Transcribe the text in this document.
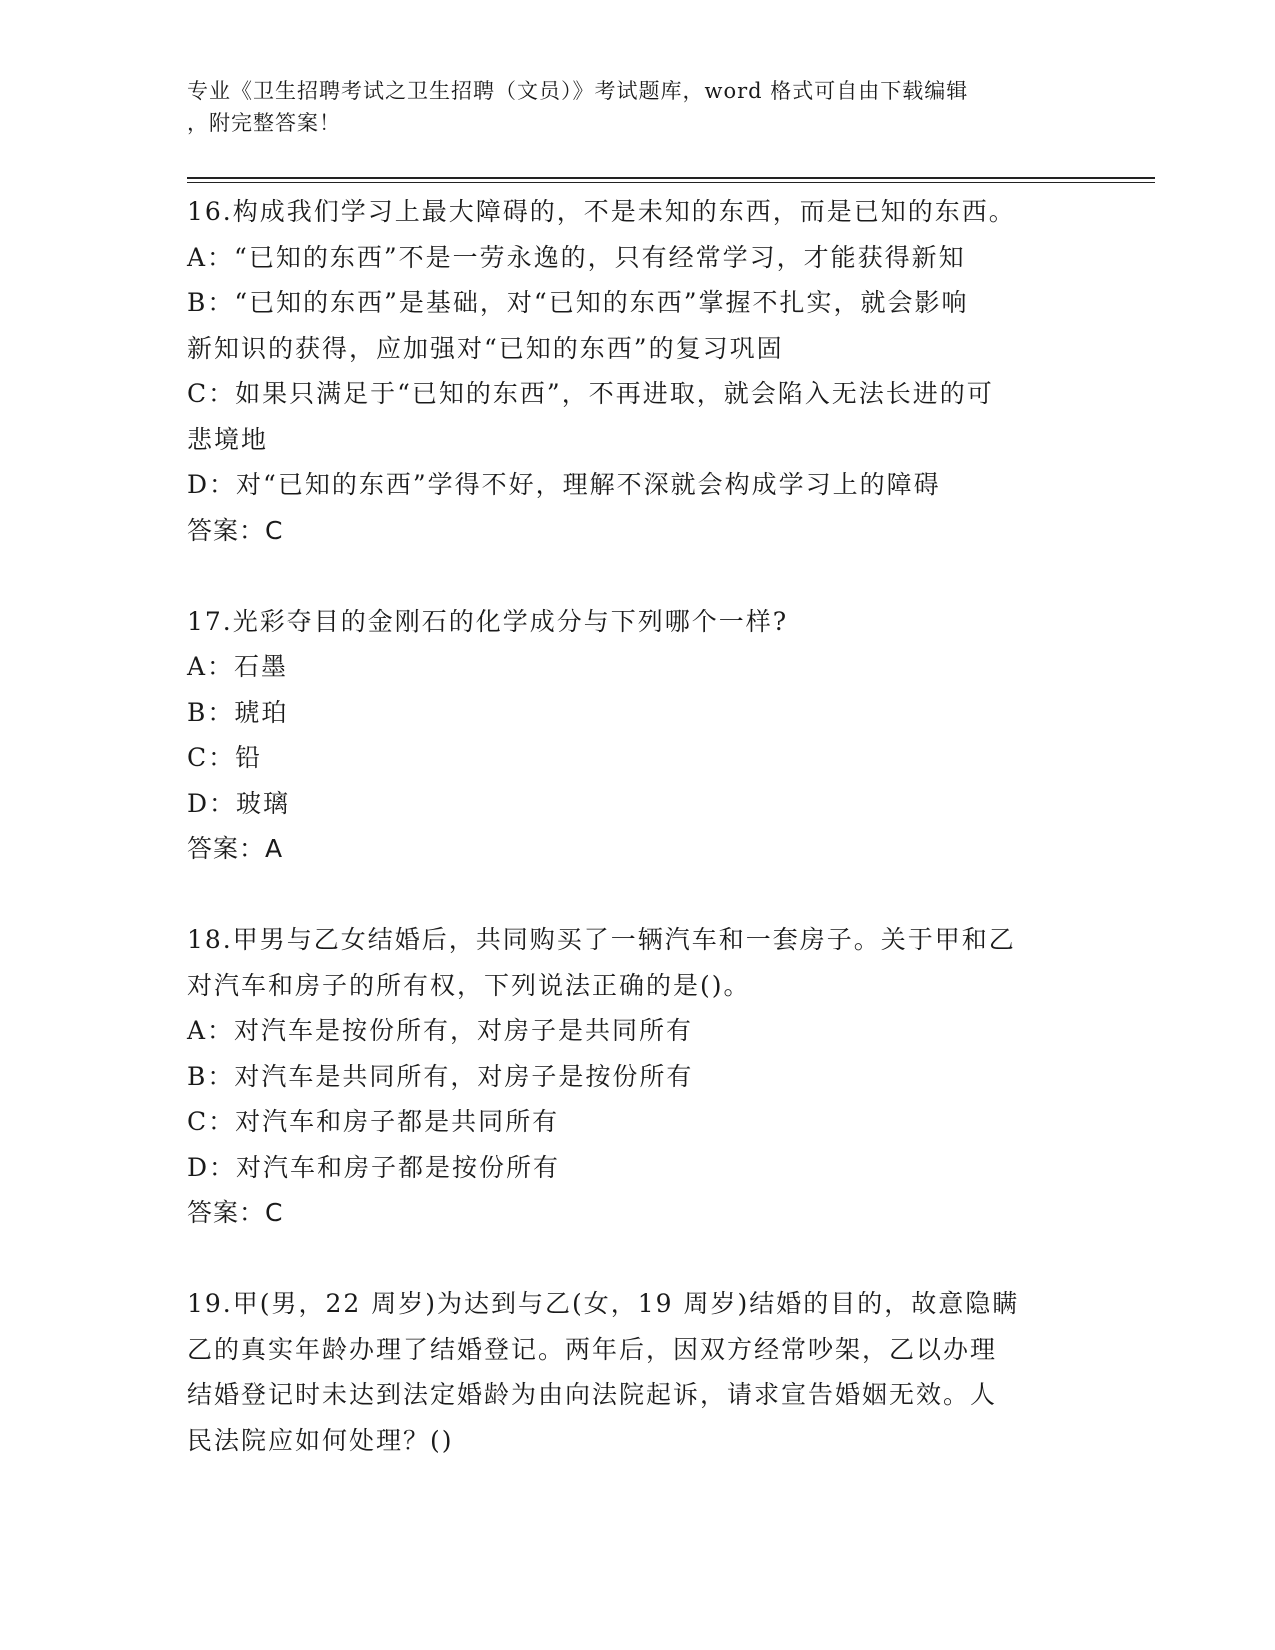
专业《卫生招聘考试之卫生招聘（文员）》考试题库，word 格式可自由下载编辑
，附完整答案！
16.构成我们学习上最大障碍的，不是未知的东西，而是已知的东西。
A：“已知的东西”不是一劳永逸的，只有经常学习，才能获得新知
B：“已知的东西”是基础，对“已知的东西”掌握不扎实，就会影响
新知识的获得，应加强对“已知的东西”的复习巩固
C：如果只满足于“已知的东西”，不再进取，就会陷入无法长进的可
悲境地
D：对“已知的东西”学得不好，理解不深就会构成学习上的障碍
答案：C
17.光彩夺目的金刚石的化学成分与下列哪个一样?
A：石墨
B：琥珀
C：铅
D：玻璃
答案：A
18.甲男与乙女结婚后，共同购买了一辆汽车和一套房子。关于甲和乙
对汽车和房子的所有权，下列说法正确的是()。
A：对汽车是按份所有，对房子是共同所有
B：对汽车是共同所有，对房子是按份所有
C：对汽车和房子都是共同所有
D：对汽车和房子都是按份所有
答案：C
19.甲(男，22 周岁)为达到与乙(女，19 周岁)结婚的目的，故意隐瞒
乙的真实年龄办理了结婚登记。两年后，因双方经常吵架，乙以办理
结婚登记时未达到法定婚龄为由向法院起诉，请求宣告婚姻无效。人
民法院应如何处理？()
